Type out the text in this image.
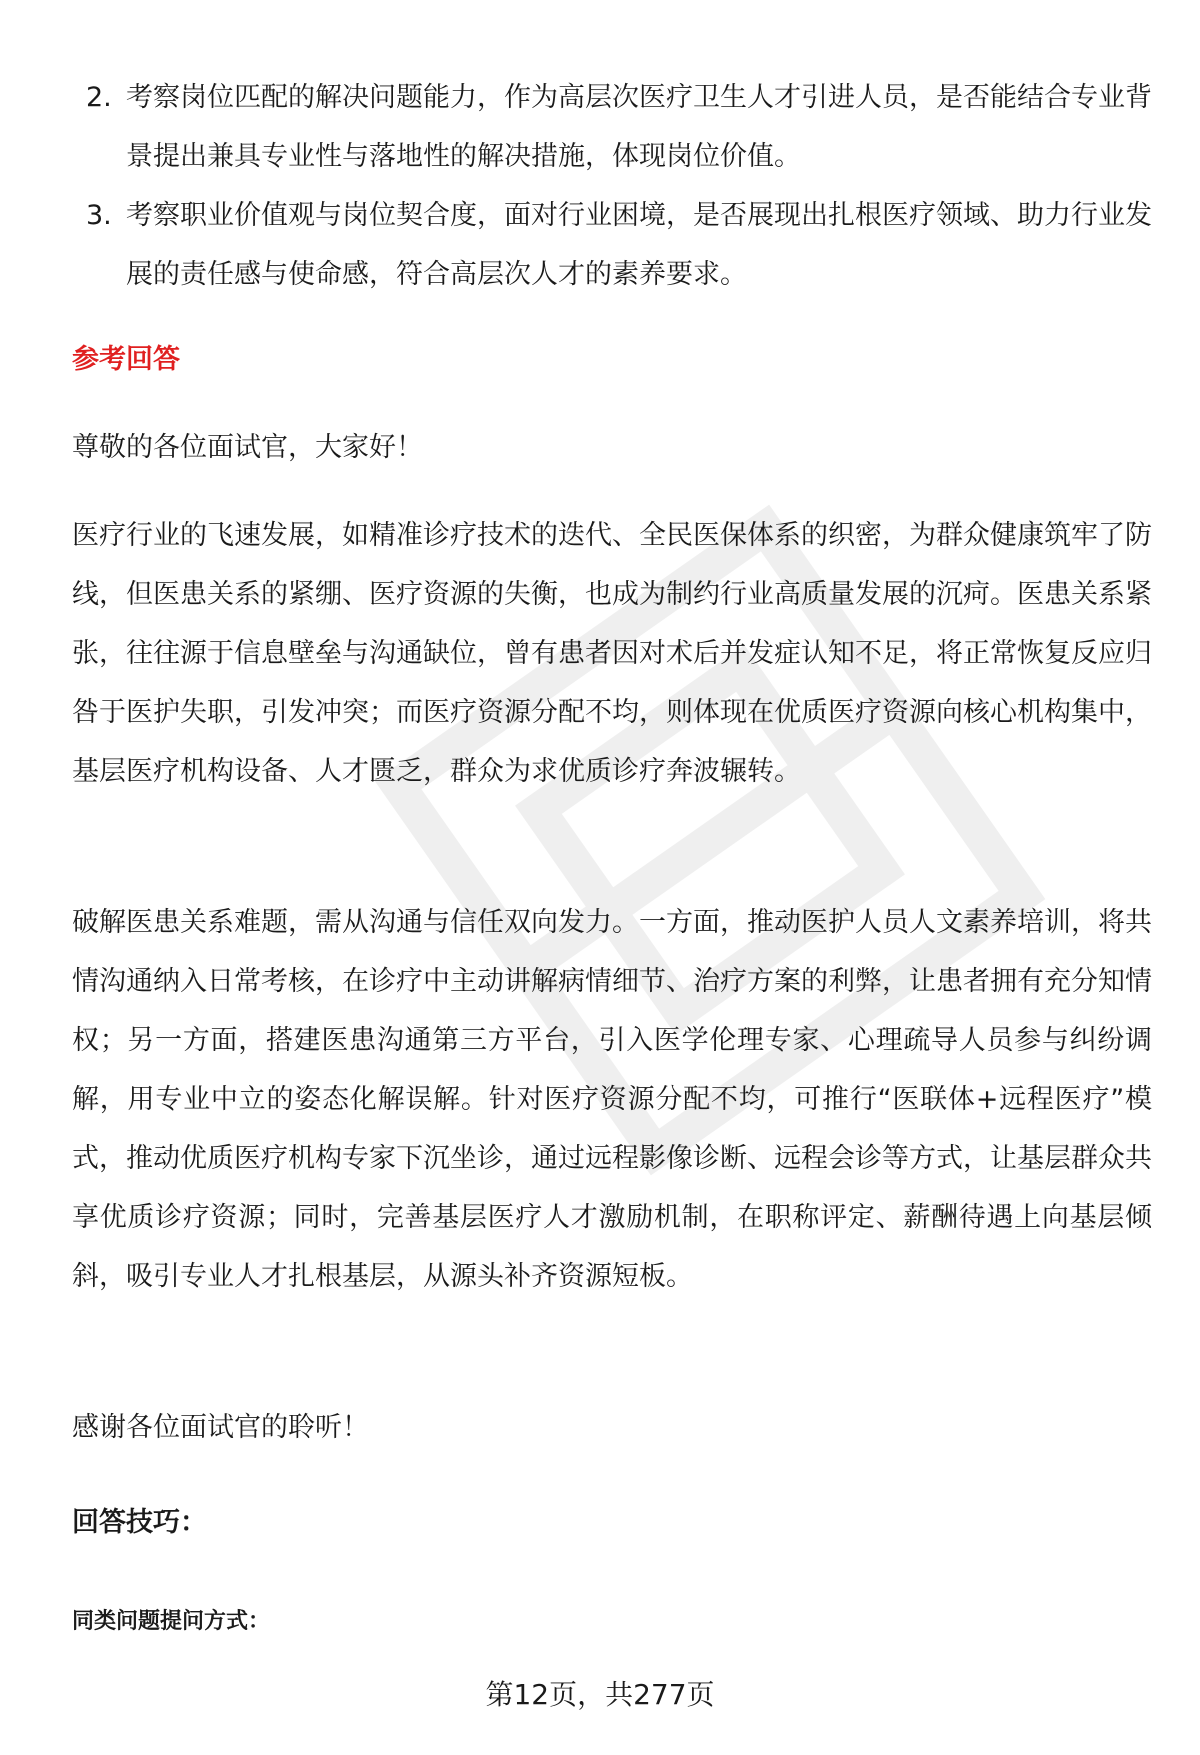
2. 考察岗位匹配的解决问题能力，作为高层次医疗卫生人才引进人员，是否能结合专业背景提出兼具专业性与落地性的解决措施，体现岗位价值。
3. 考察职业价值观与岗位契合度，面对行业困境，是否展现出扎根医疗领域、助力行业发展的责任感与使命感，符合高层次人才的素养要求。
参考回答

尊敬的各位面试官，大家好！

医疗行业的飞速发展，如精准诊疗技术的迭代、全民医保体系的织密，为群众健康筑牢了防线，但医患关系的紧绷、医疗资源的失衡，也成为制约行业高质量发展的沉疴。医患关系紧张，往往源于信息壁垒与沟通缺位，曾有患者因对术后并发症认知不足，将正常恢复反应归咎于医护失职，引发冲突；而医疗资源分配不均，则体现在优质医疗资源向核心机构集中，基层医疗机构设备、人才匮乏，群众为求优质诊疗奔波辗转。

破解医患关系难题，需从沟通与信任双向发力。一方面，推动医护人员人文素养培训，将共情沟通纳入日常考核，在诊疗中主动讲解病情细节、治疗方案的利弊，让患者拥有充分知情权；另一方面，搭建医患沟通第三方平台，引入医学伦理专家、心理疏导人员参与纠纷调解，用专业中立的姿态化解误解。针对医疗资源分配不均，可推行“医联体+远程医疗”模式，推动优质医疗机构专家下沉坐诊，通过远程影像诊断、远程会诊等方式，让基层群众共享优质诊疗资源；同时，完善基层医疗人才激励机制，在职称评定、薪酬待遇上向基层倾斜，吸引专业人才扎根基层，从源头补齐资源短板。

感谢各位面试官的聆听！

回答技巧：
同类问题提问方式：
第12页，共277页
